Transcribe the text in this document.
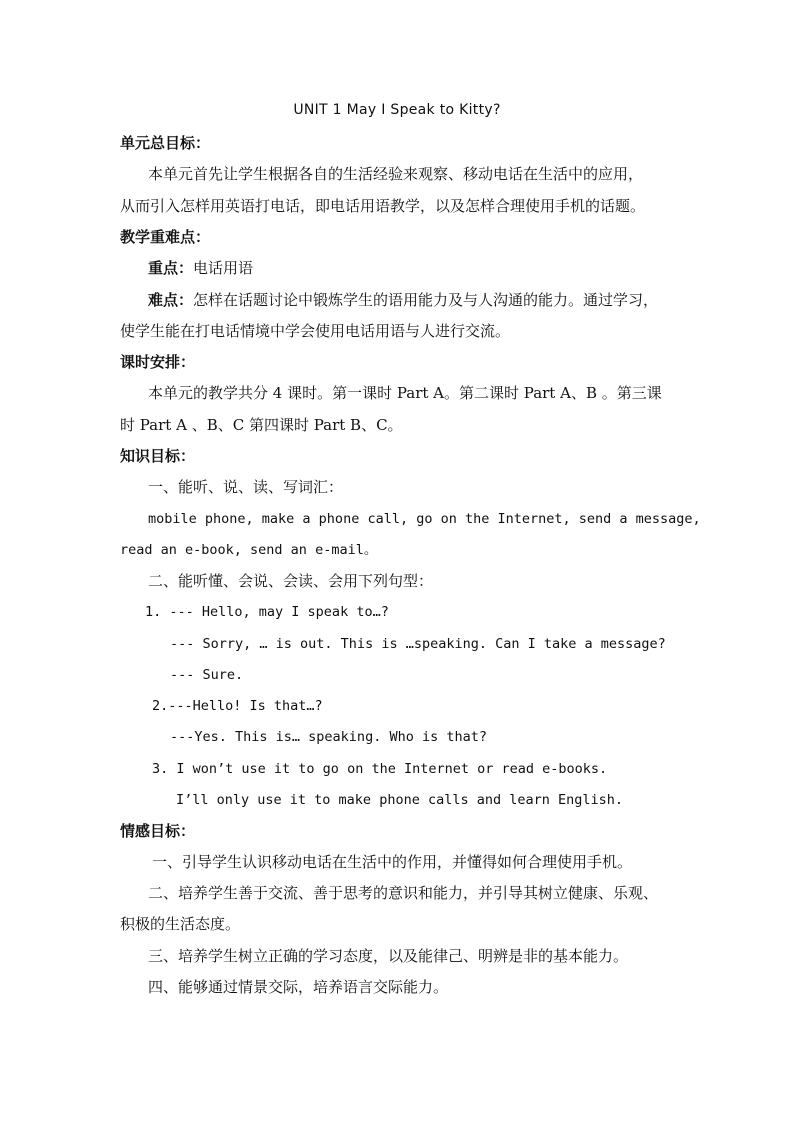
UNIT 1 May I Speak to Kitty?
单元总目标：
本单元首先让学生根据各自的生活经验来观察、移动电话在生活中的应用，
从而引入怎样用英语打电话，即电话用语教学，以及怎样合理使用手机的话题。
教学重难点：
重点：电话用语
难点：怎样在话题讨论中锻炼学生的语用能力及与人沟通的能力。通过学习，
使学生能在打电话情境中学会使用电话用语与人进行交流。
课时安排：
本单元的教学共分 4 课时。第一课时 Part A。第二课时 Part A、B 。第三课
时 Part A 、B、C 第四课时 Part B、C。
知识目标：
一、能听、说、读、写词汇：
mobile phone, make a phone call, go on the Internet, send a message,
read an e-book, send an e-mail。
二、能听懂、会说、会读、会用下列句型：
1. --- Hello, may I speak to…?
--- Sorry, … is out. This is …speaking. Can I take a message?
--- Sure.
2.---Hello! Is that…?
---Yes. This is… speaking. Who is that?
3. I won’t use it to go on the Internet or read e-books.
I’ll only use it to make phone calls and learn English.
情感目标：
一、引导学生认识移动电话在生活中的作用，并懂得如何合理使用手机。
二、培养学生善于交流、善于思考的意识和能力，并引导其树立健康、乐观、
积极的生活态度。
三、培养学生树立正确的学习态度，以及能律己、明辨是非的基本能力。
四、能够通过情景交际，培养语言交际能力。
